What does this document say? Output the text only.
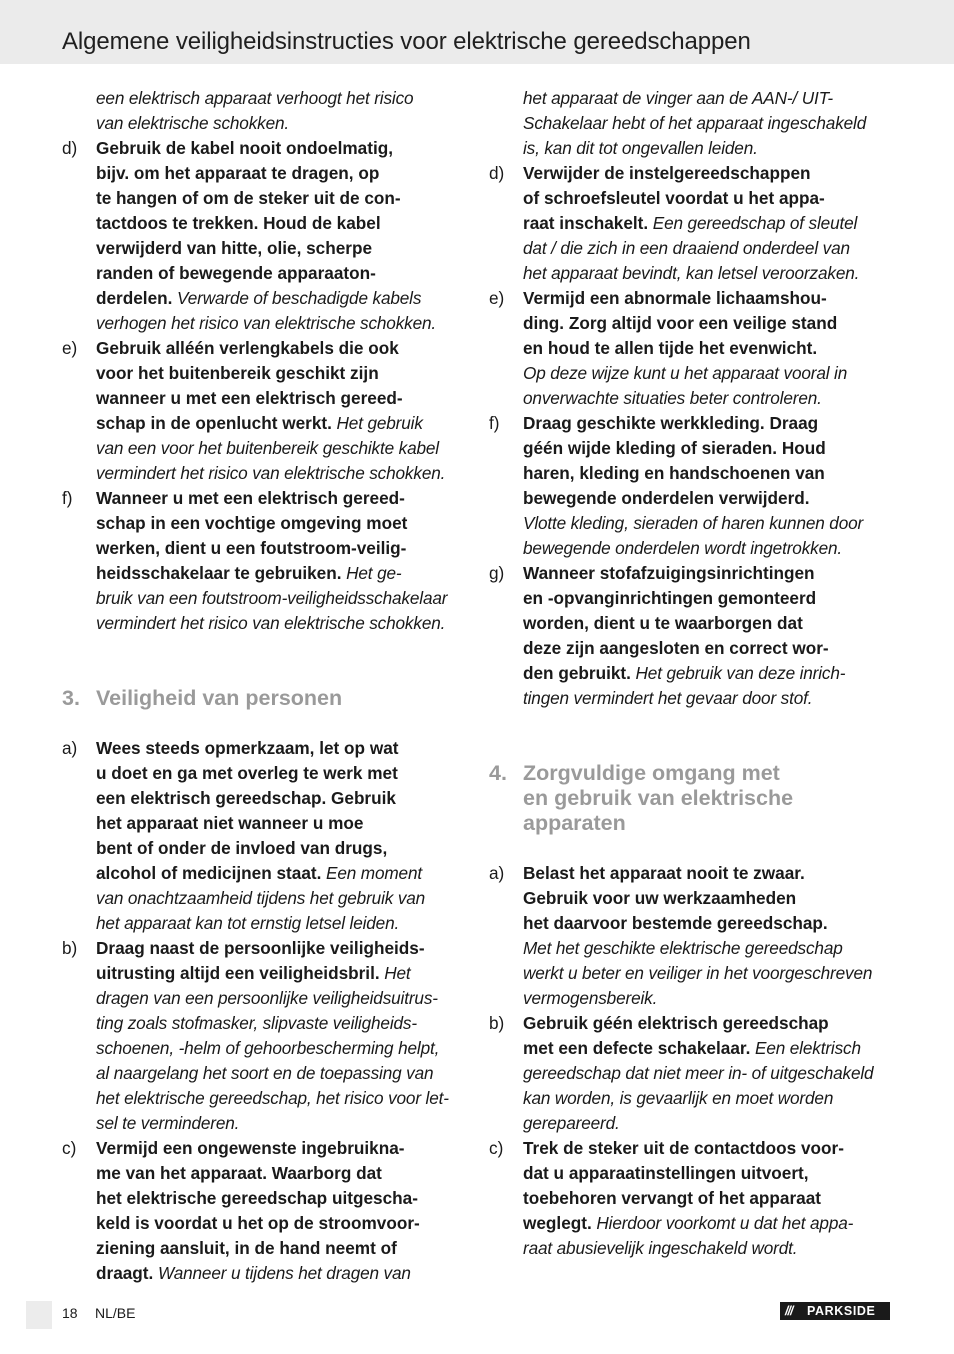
Algemene veiligheidsinstructies voor elektrische gereedschappen
een elektrisch apparaat verhoogt het risico
van elektrische schokken.
d) Gebruik de kabel nooit ondoelmatig,
bijv. om het apparaat te dragen, op
te hangen of om de steker uit de con-
tactdoos te trekken. Houd de kabel
verwijderd van hitte, olie, scherpe
randen of bewegende apparaaton-
derdelen. Verwarde of beschadigde kabels
verhogen het risico van elektrische schokken.
e) Gebruik alléén verlengkabels die ook
voor het buitenbereik geschikt zijn
wanneer u met een elektrisch gereed-
schap in de openlucht werkt. Het gebruik
van een voor het buitenbereik geschikte kabel
vermindert het risico van elektrische schokken.
f) Wanneer u met een elektrisch gereed-
schap in een vochtige omgeving moet
werken, dient u een foutstroom-veilig-
heidsschakelaar te gebruiken. Het ge-
bruik van een foutstroom-veiligheidsschakelaar
vermindert het risico van elektrische schokken.
3. Veiligheid van personen
a) Wees steeds opmerkzaam, let op wat
u doet en ga met overleg te werk met
een elektrisch gereedschap. Gebruik
het apparaat niet wanneer u moe
bent of onder de invloed van drugs,
alcohol of medicijnen staat. Een moment
van onachtzaamheid tijdens het gebruik van
het apparaat kan tot ernstig letsel leiden.
b) Draag naast de persoonlijke veiligheids-
uitrusting altijd een veiligheidsbril. Het
dragen van een persoonlijke veiligheidsuitrus-
ting zoals stofmasker, slipvaste veiligheids-
schoenen, -helm of gehoorbescherming helpt,
al naargelang het soort en de toepassing van
het elektrische gereedschap, het risico voor let-
sel te verminderen.
c) Vermijd een ongewenste ingebruikna-
me van het apparaat. Waarborg dat
het elektrische gereedschap uitgescha-
keld is voordat u het op de stroomvoor-
ziening aansluit, in de hand neemt of
draagt. Wanneer u tijdens het dragen van
het apparaat de vinger aan de AAN-/ UIT-
Schakelaar hebt of het apparaat ingeschakeld
is, kan dit tot ongevallen leiden.
d) Verwijder de instelgereedschappen
of schroefsleutel voordat u het appa-
raat inschakelt. Een gereedschap of sleutel
dat / die zich in een draaiend onderdeel van
het apparaat bevindt, kan letsel veroorzaken.
e) Vermijd een abnormale lichaamshou-
ding. Zorg altijd voor een veilige stand
en houd te allen tijde het evenwicht.
Op deze wijze kunt u het apparaat vooral in
onverwachte situaties beter controleren.
f) Draag geschikte werkkleding. Draag
géén wijde kleding of sieraden. Houd
haren, kleding en handschoenen van
bewegende onderdelen verwijderd.
Vlotte kleding, sieraden of haren kunnen door
bewegende onderdelen wordt ingetrokken.
g) Wanneer stofafzuigingsinrichtingen
en -opvanginrichtingen gemonteerd
worden, dient u te waarborgen dat
deze zijn aangesloten en correct wor-
den gebruikt. Het gebruik van deze inrich-
tingen vermindert het gevaar door stof.
4. Zorgvuldige omgang met
en gebruik van elektrische
apparaten
a) Belast het apparaat nooit te zwaar.
Gebruik voor uw werkzaamheden
het daarvoor bestemde gereedschap.
Met het geschikte elektrische gereedschap
werkt u beter en veiliger in het voorgeschreven
vermogensbereik.
b) Gebruik géén elektrisch gereedschap
met een defecte schakelaar. Een elektrisch
gereedschap dat niet meer in- of uitgeschakeld
kan worden, is gevaarlijk en moet worden
gerepareerd.
c) Trek de steker uit de contactdoos voor-
dat u apparaatinstellingen uitvoert,
toebehoren vervangt of het apparaat
weglegt. Hierdoor voorkomt u dat het appa-
raat abusievelijk ingeschakeld wordt.
18 NL/BE	/// PARKSIDE
